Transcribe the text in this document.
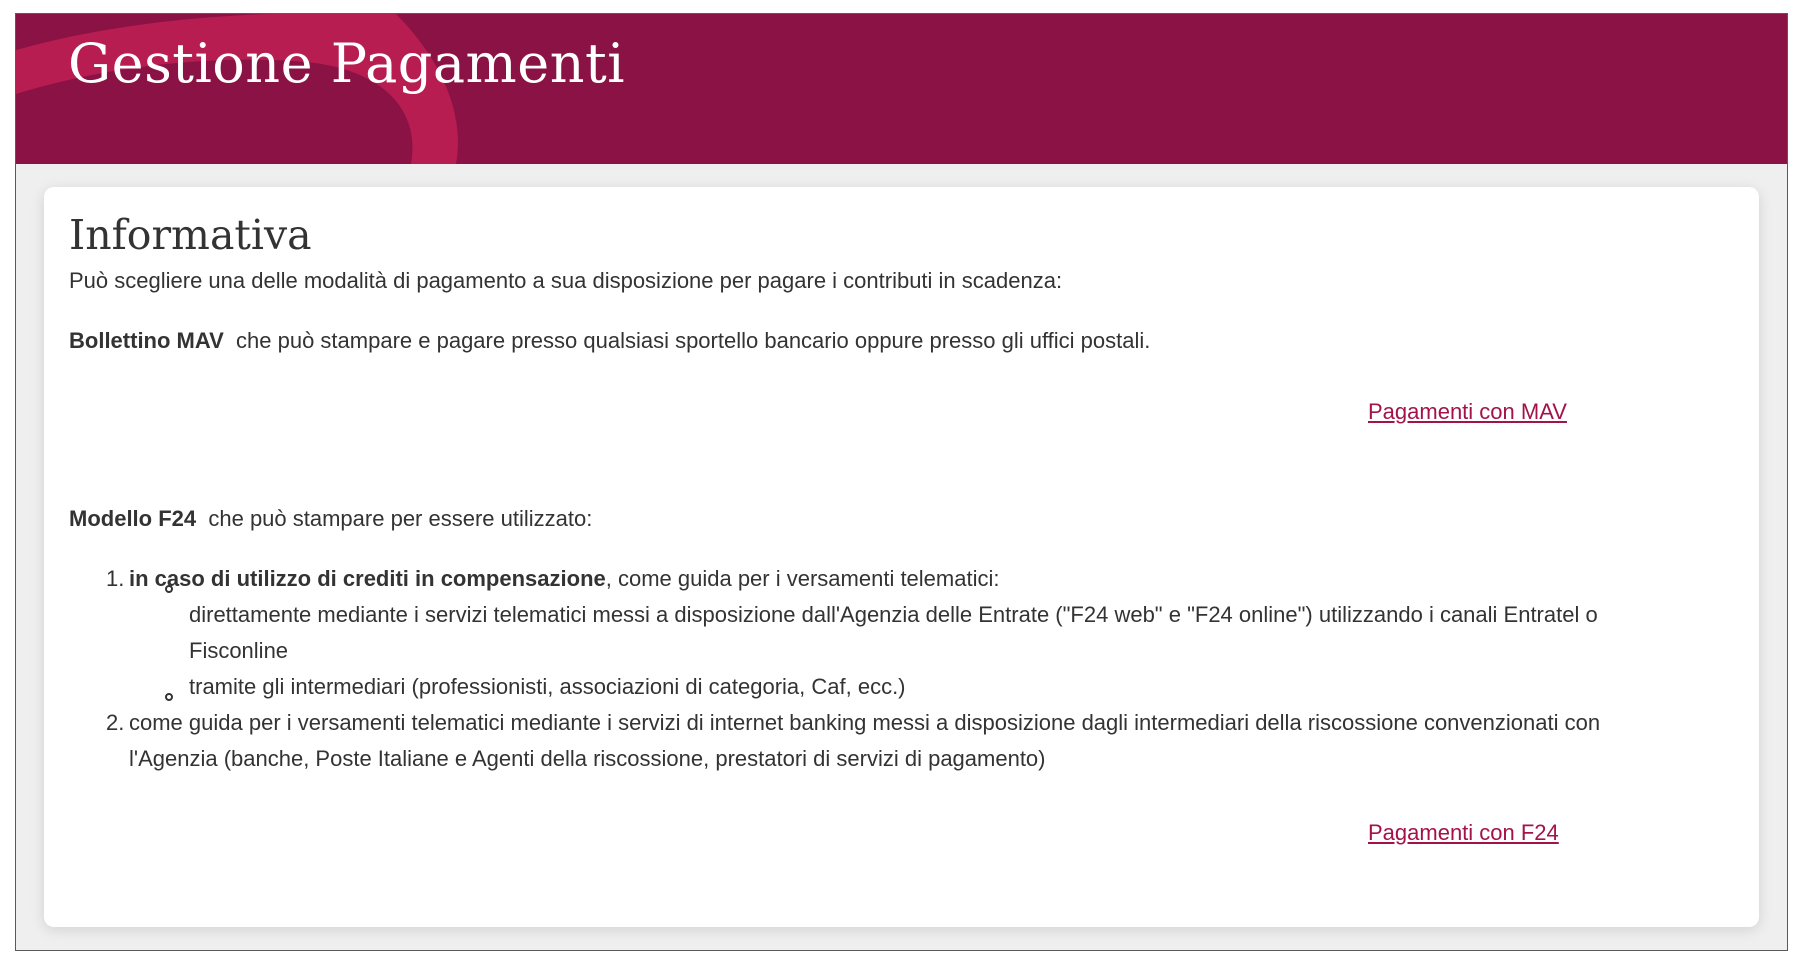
Gestione Pagamenti
Informativa

Può scegliere una delle modalità di pagamento a sua disposizione per pagare i contributi in scadenza:

Bollettino MAV che può stampare e pagare presso qualsiasi sportello bancario oppure presso gli uffici postali.

Pagamenti con MAV

Modello F24 che può stampare per essere utilizzato:

1. in caso di utilizzo di crediti in compensazione, come guida per i versamenti telematici:

direttamente mediante i servizi telematici messi a disposizione dall'Agenzia delle Entrate ("F24 web" e "F24 online") utilizzando i canali Entratel o

Fisconline

tramite gli intermediari (professionisti, associazioni di categoria, Caf, ecc.)

2. come guida per i versamenti telematici mediante i servizi di internet banking messi a disposizione dagli intermediari della riscossione convenzionati con

l'Agenzia (banche, Poste Italiane e Agenti della riscossione, prestatori di servizi di pagamento)

Pagamenti con F24
